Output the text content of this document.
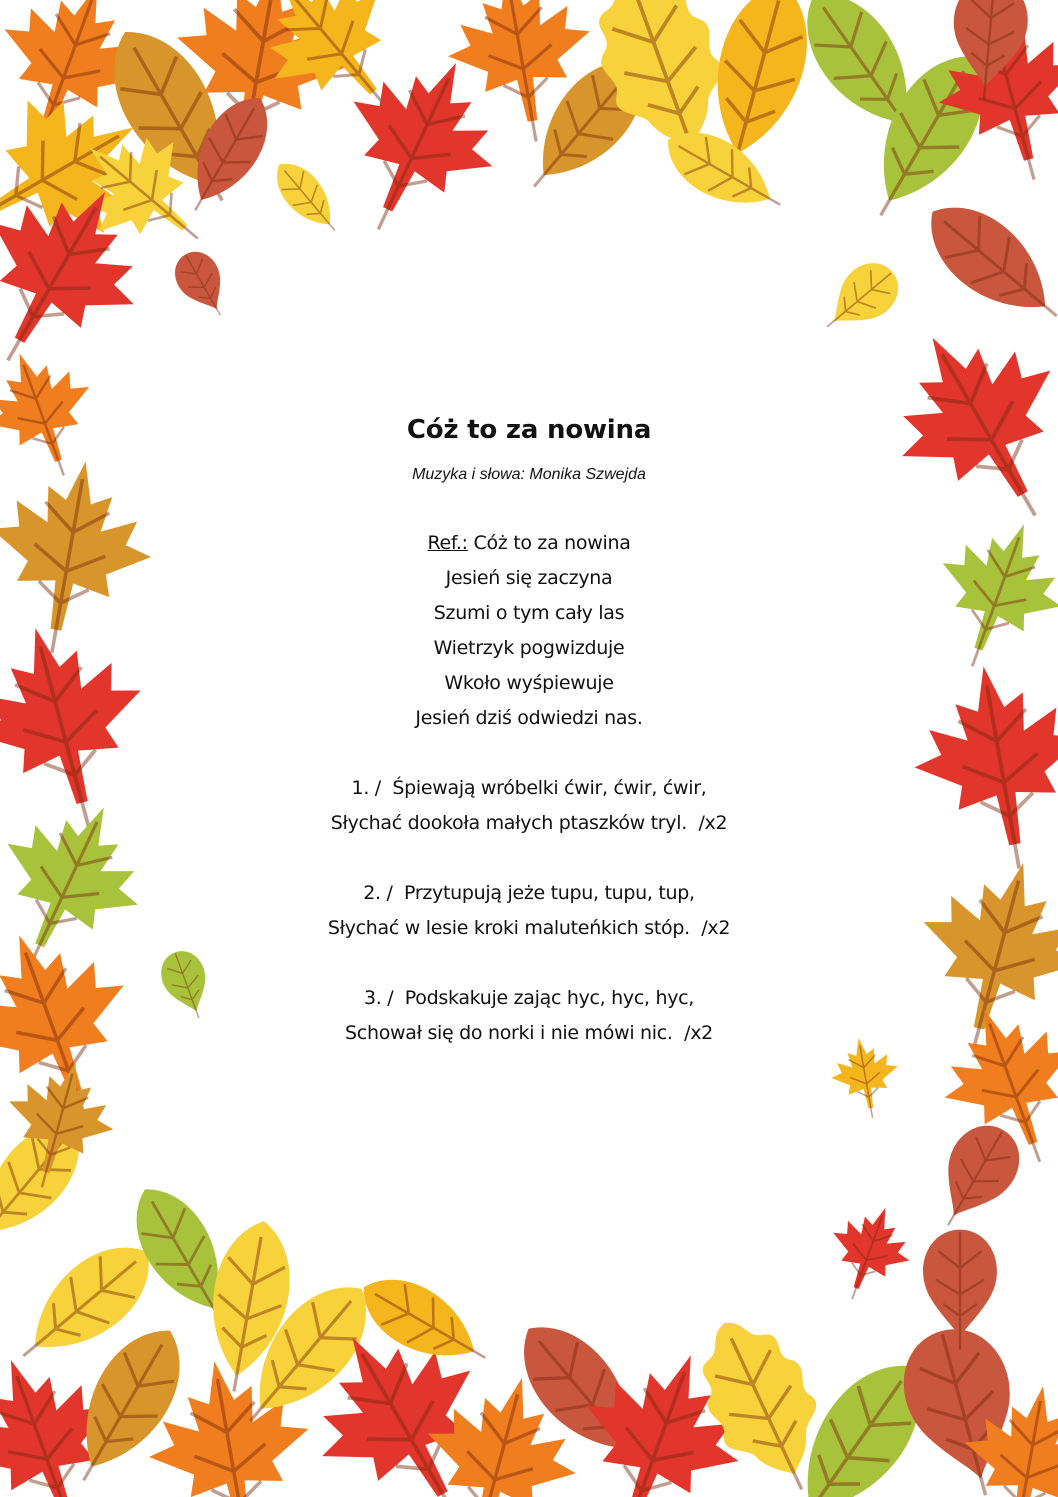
Cóż to za nowina
Muzyka i słowa: Monika Szwejda
Ref.: Cóż to za nowina
Jesień się zaczyna
Szumi o tym cały las
Wietrzyk pogwizduje
Wkoło wyśpiewuje
Jesień dziś odwiedzi nas.
1. /  Śpiewają wróbelki ćwir, ćwir, ćwir,
Słychać dookoła małych ptaszków tryl.  /x2
2. /  Przytupują jeże tupu, tupu, tup,
Słychać w lesie kroki maluteńkich stóp.  /x2
3. /  Podskakuje zając hyc, hyc, hyc,
Schował się do norki i nie mówi nic.  /x2
